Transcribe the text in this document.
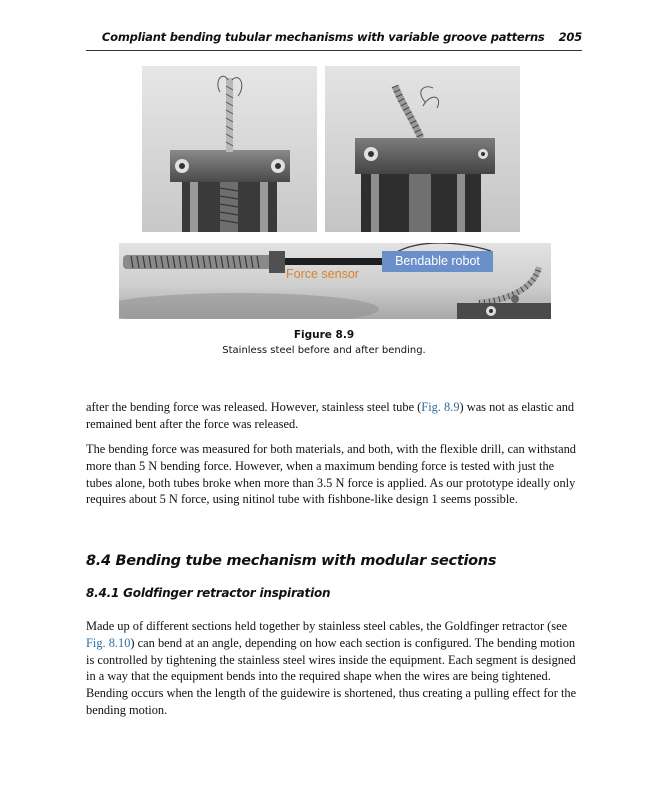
Compliant bending tubular mechanisms with variable groove patterns 205
Force sensor
Bendable robot
Figure 8.9
Stainless steel before and after bending.

after the bending force was released. However, stainless steel tube (Fig. 8.9) was not as elastic and remained bent after the force was released.

The bending force was measured for both materials, and both, with the flexible drill, can withstand more than 5 N bending force. However, when a maximum bending force is tested with just the tubes alone, both tubes broke when more than 3.5 N force is applied. As our prototype ideally only requires about 5 N force, using nitinol tube with fishbone-like design 1 seems possible.

8.4 Bending tube mechanism with modular sections
8.4.1 Goldfinger retractor inspiration

Made up of different sections held together by stainless steel cables, the Goldfinger retractor (see Fig. 8.10) can bend at an angle, depending on how each section is configured. The bending motion is controlled by tightening the stainless steel wires inside the equipment. Each segment is designed in a way that the equipment bends into the required shape when the wires are being tightened. Bending occurs when the length of the guidewire is shortened, thus creating a pulling effect for the bending motion.
